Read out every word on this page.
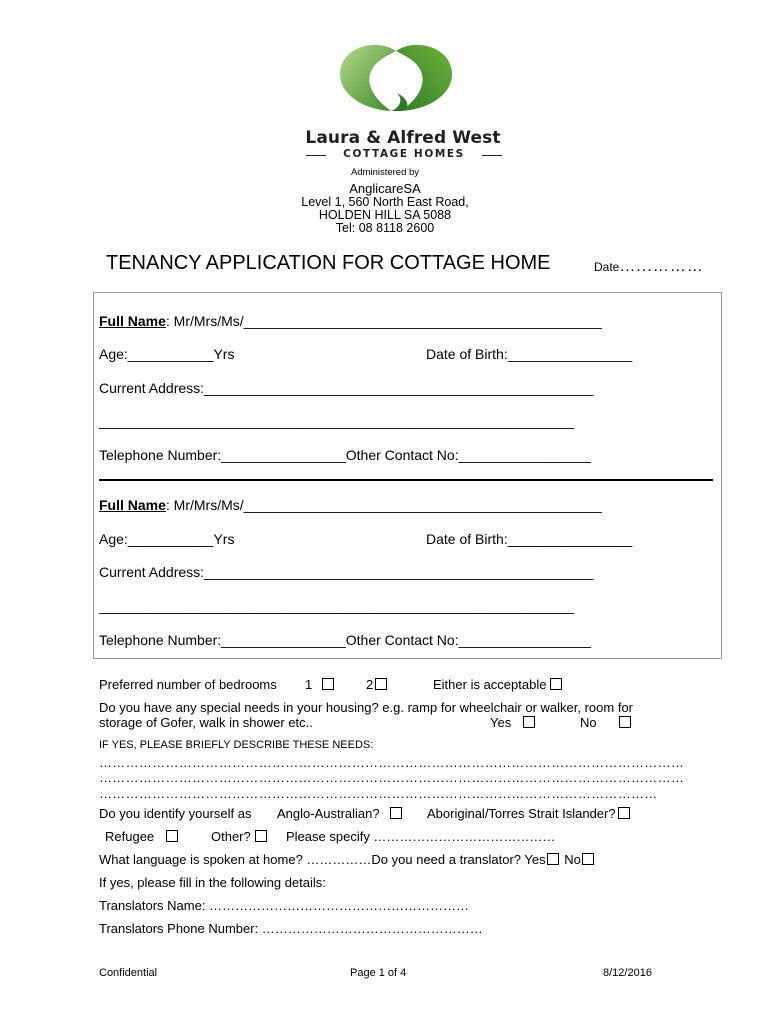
Laura & Alfred West
COTTAGE HOMES
Administered by
AnglicareSA
Level 1, 560 North East Road,
HOLDEN HILL SA 5088
Tel: 08 8118 2600
TENANCY APPLICATION FOR COTTAGE HOME	Date…...………
Full Name: Mr/Mrs/Ms/______________________________________________
Age:___________Yrs	Date of Birth:________________
Current Address:__________________________________________________
_____________________________________________________________
Telephone Number:________________Other Contact No:_________________
Full Name: Mr/Mrs/Ms/______________________________________________
Age:___________Yrs	Date of Birth:________________
Current Address:__________________________________________________
_____________________________________________________________
Telephone Number:________________Other Contact No:_________________
Preferred number of bedrooms 1	2	Either is acceptable
Do you have any special needs in your housing? e.g. ramp for wheelchair or walker, room for
storage of Gofer, walk in shower etc..	Yes	No
IF YES, PLEASE BRIEFLY DESCRIBE THESE NEEDS:
……………………………………………………………………………………………………………………
……………………………………………………………………………………………………………………
………………………………………………………………………………………………………………
Do you identify yourself as Anglo-Australian?	Aboriginal/Torres Strait Islander?
Refugee	Other?	Please specify ……………………………………
What language is spoken at home? ……………Do you need a translator? Yes No
If yes, please fill in the following details:
Translators Name: ……………………………………………………
Translators Phone Number: ……………………………………………
Confidential	Page 1 of 4	8/12/2016
